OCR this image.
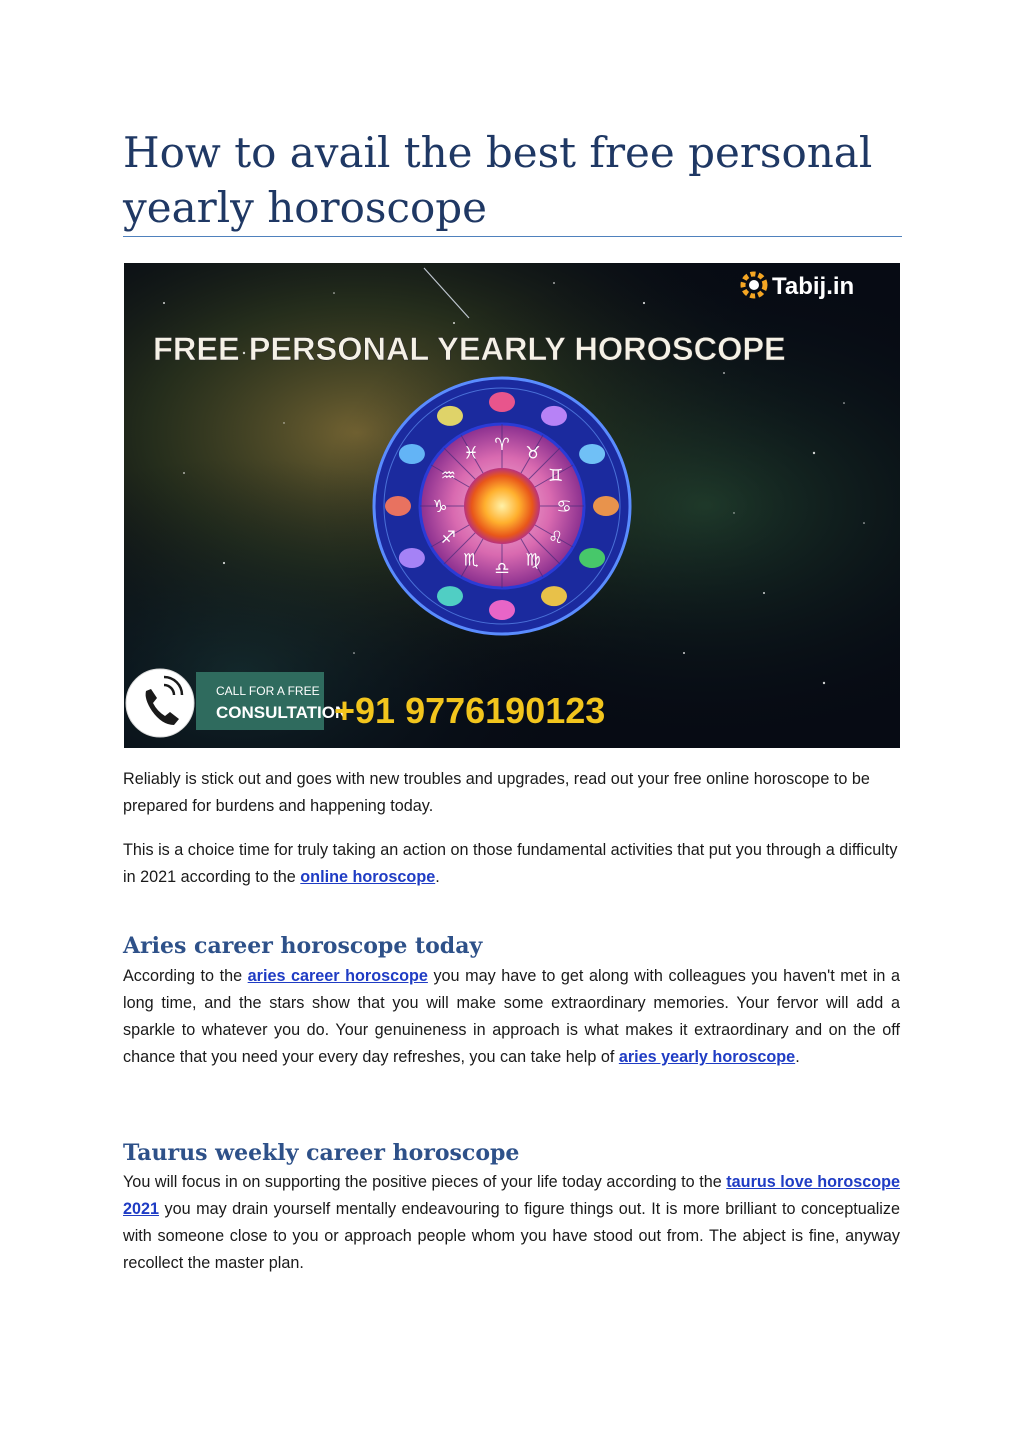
How to avail the best free personal yearly horoscope
Tabij.in
FREE PERSONAL YEARLY HOROSCOPE
♈ ♉
♊
♋
♌
♍
♎
♏
♐
♑
♒
♓
CALL FOR A FREE
CONSULTATION
+91 9776190123

Reliably is stick out and goes with new troubles and upgrades, read out your free online horoscope to be prepared for burdens and happening today.

This is a choice time for truly taking an action on those fundamental activities that put you through a difficulty in 2021 according to the online horoscope.

Aries career horoscope today

According to the aries career horoscope you may have to get along with colleagues you haven't met in a long time, and the stars show that you will make some extraordinary memories. Your fervor will add a sparkle to whatever you do. Your genuineness in approach is what makes it extraordinary and on the off chance that you need your every day refreshes, you can take help of aries yearly horoscope.

Taurus weekly career horoscope

You will focus in on supporting the positive pieces of your life today according to the taurus love horoscope 2021 you may drain yourself mentally endeavouring to figure things out. It is more brilliant to conceptualize with someone close to you or approach people whom you have stood out from. The abject is fine, anyway recollect the master plan.
